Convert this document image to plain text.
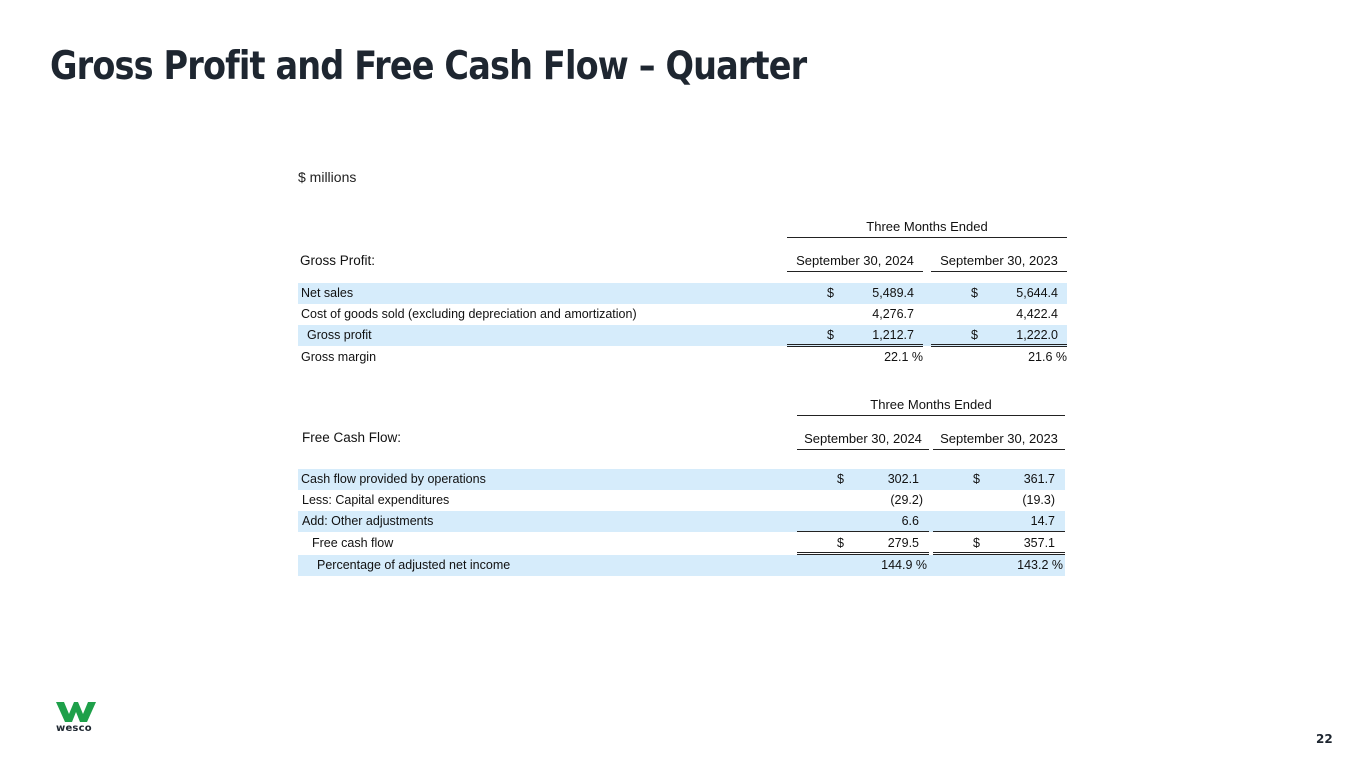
Gross Profit and Free Cash Flow – Quarter
$ millions
Three Months Ended
Gross Profit:	September 30, 2024	September 30, 2023
Net sales	$	5,489.4	$	5,644.4
Cost of goods sold (excluding depreciation and amortization)	4,276.7	4,422.4
Gross profit	$	1,212.7	$	1,222.0
Gross margin	22.1 %	21.6 %
Three Months Ended
Free Cash Flow:	September 30, 2024	September 30, 2023
Cash flow provided by operations	$	302.1	$	361.7
Less: Capital expenditures	(29.2)	(19.3)
Add: Other adjustments	6.6	14.7
Free cash flow	$	279.5	$	357.1
Percentage of adjusted net income	144.9 %	143.2 %
wesco
22
